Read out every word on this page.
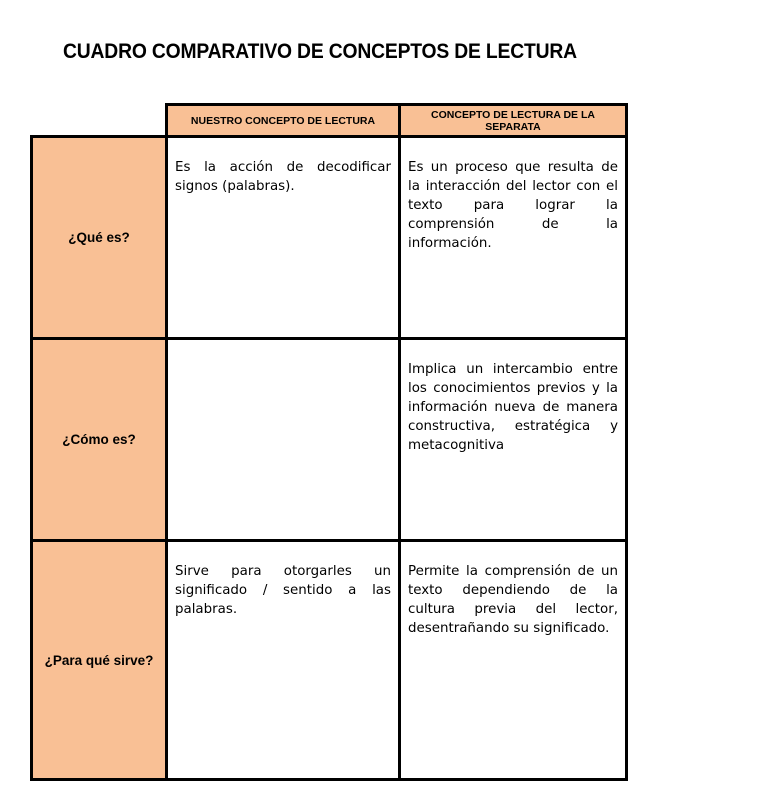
CUADRO COMPARATIVO DE CONCEPTOS DE LECTURA
NUESTRO CONCEPTO DE LECTURA	CONCEPTO DE LECTURA DE LA SEPARATA
¿Qué es?
Es la acción de decodificar signos (palabras).
Es un proceso que resulta de la interacción del lector con el texto para lograr la comprensión de la información.
¿Cómo es?
Implica un intercambio entre los conocimientos previos y la información nueva de manera constructiva, estratégica y metacognitiva
¿Para qué sirve?
Sirve para otorgarles un significado / sentido a las palabras.
Permite la comprensión de un texto dependiendo de la cultura previa del lector, desentrañando su significado.
